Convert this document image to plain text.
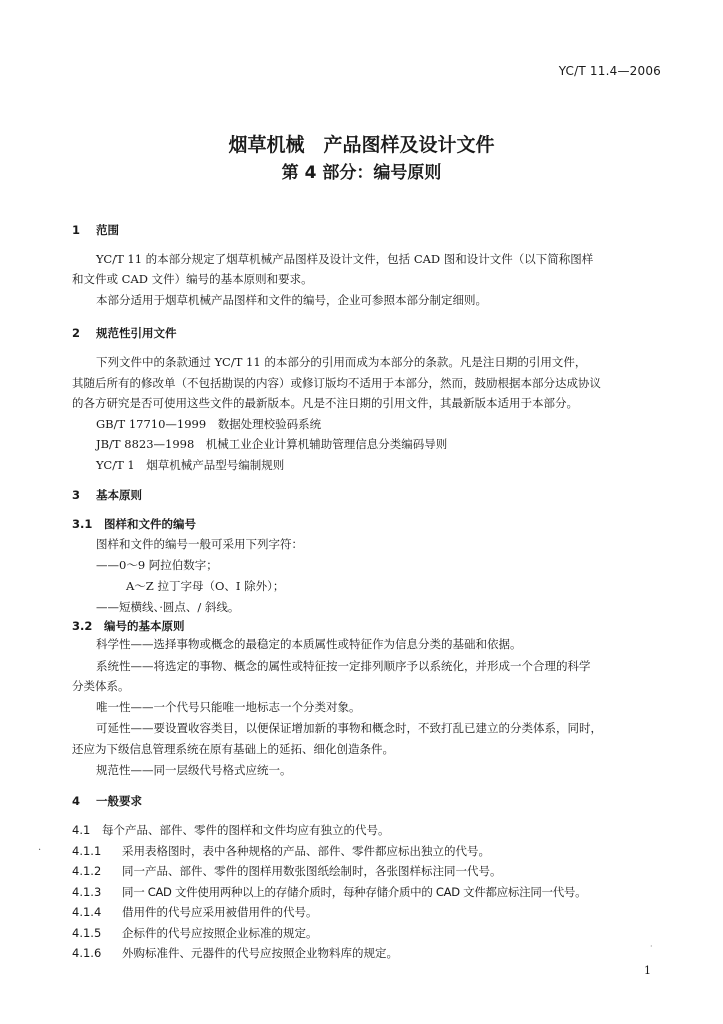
YC/T 11.4—2006
烟草机械　产品图样及设计文件
第 4 部分：编号原则
1 范围
YC/T 11 的本部分规定了烟草机械产品图样及设计文件，包括 CAD 图和设计文件（以下简称图样
和文件或 CAD 文件）编号的基本原则和要求。
本部分适用于烟草机械产品图样和文件的编号，企业可参照本部分制定细则。
2 规范性引用文件
下列文件中的条款通过 YC/T 11 的本部分的引用而成为本部分的条款。凡是注日期的引用文件，
其随后所有的修改单（不包括勘误的内容）或修订版均不适用于本部分，然而，鼓励根据本部分达成协议
的各方研究是否可使用这些文件的最新版本。凡是不注日期的引用文件，其最新版本适用于本部分。
GB/T 17710—1999　数据处理校验码系统
JB/T 8823—1998　机械工业企业计算机辅助管理信息分类编码导则
YC/T 1　烟草机械产品型号编制规则
3 基本原则
3.1 图样和文件的编号
图样和文件的编号一般可采用下列字符：
——0～9 阿拉伯数字；
A～Z 拉丁字母（O、I 除外）；
——短横线、·圆点、/ 斜线。
3.2 编号的基本原则
科学性——选择事物或概念的最稳定的本质属性或特征作为信息分类的基础和依据。
系统性——将选定的事物、概念的属性或特征按一定排列顺序予以系统化，并形成一个合理的科学
分类体系。
唯一性——一个代号只能唯一地标志一个分类对象。
可延性——要设置收容类目，以便保证增加新的事物和概念时，不致打乱已建立的分类体系，同时，
还应为下级信息管理系统在原有基础上的延拓、细化创造条件。
规范性——同一层级代号格式应统一。
4 一般要求
4.1 每个产品、部件、零件的图样和文件均应有独立的代号。
4.1.1 采用表格图时，表中各种规格的产品、部件、零件都应标出独立的代号。
4.1.2 同一产品、部件、零件的图样用数张图纸绘制时，各张图样标注同一代号。
4.1.3 同一 CAD 文件使用两种以上的存储介质时，每种存储介质中的 CAD 文件都应标注同一代号。
4.1.4 借用件的代号应采用被借用件的代号。
4.1.5 企标件的代号应按照企业标准的规定。
4.1.6 外购标准件、元器件的代号应按照企业物料库的规定。
.
·
1
